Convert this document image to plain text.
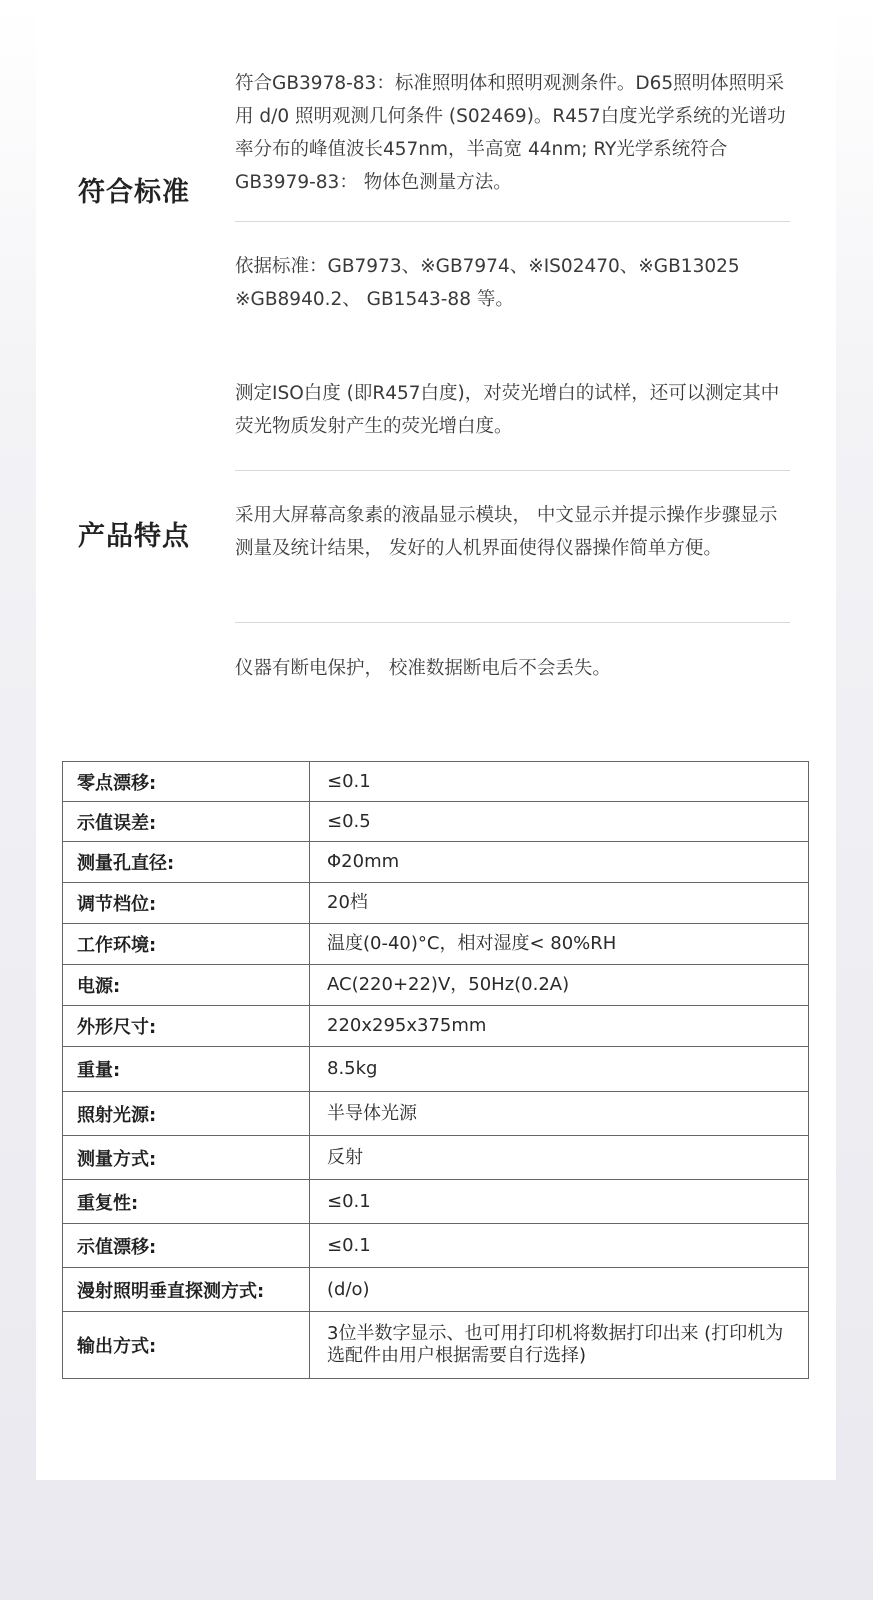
符合标准

符合GB3978-83：标准照明体和照明观测条件。D65照明体照明采用 d/0 照明观测几何条件 (S02469)。R457白度光学系统的光谱功率分布的峰值波长457nm，半高宽 44nm; RY光学系统符合 GB3979-83： 物体色测量方法。

依据标准：GB7973、※GB7974、※IS02470、※GB13025 ※GB8940.2、 GB1543-88 等。

测定ISO白度 (即R457白度)，对荧光增白的试样，还可以测定其中荧光物质发射产生的荧光增白度。

产品特点

采用大屏幕高象素的液晶显示模块， 中文显示并提示操作步骤显示测量及统计结果， 发好的人机界面使得仪器操作简单方便。

仪器有断电保护， 校准数据断电后不会丢失。

零点漂移:	≤0.1
示值误差:	≤0.5
测量孔直径:	Φ20mm
调节档位:	20档
工作环境:	温度(0-40)°C，相对湿度< 80%RH
电源:	AC(220+22)V，50Hz(0.2A)
外形尺寸:	220x295x375mm
重量:	8.5kg
照射光源:	半导体光源
测量方式:	反射
重复性:	≤0.1
示值漂移:	≤0.1
漫射照明垂直探测方式:	(d/o)
输出方式:	3位半数字显示、也可用打印机将数据打印出来 (打印机为选配件由用户根据需要自行选择)
